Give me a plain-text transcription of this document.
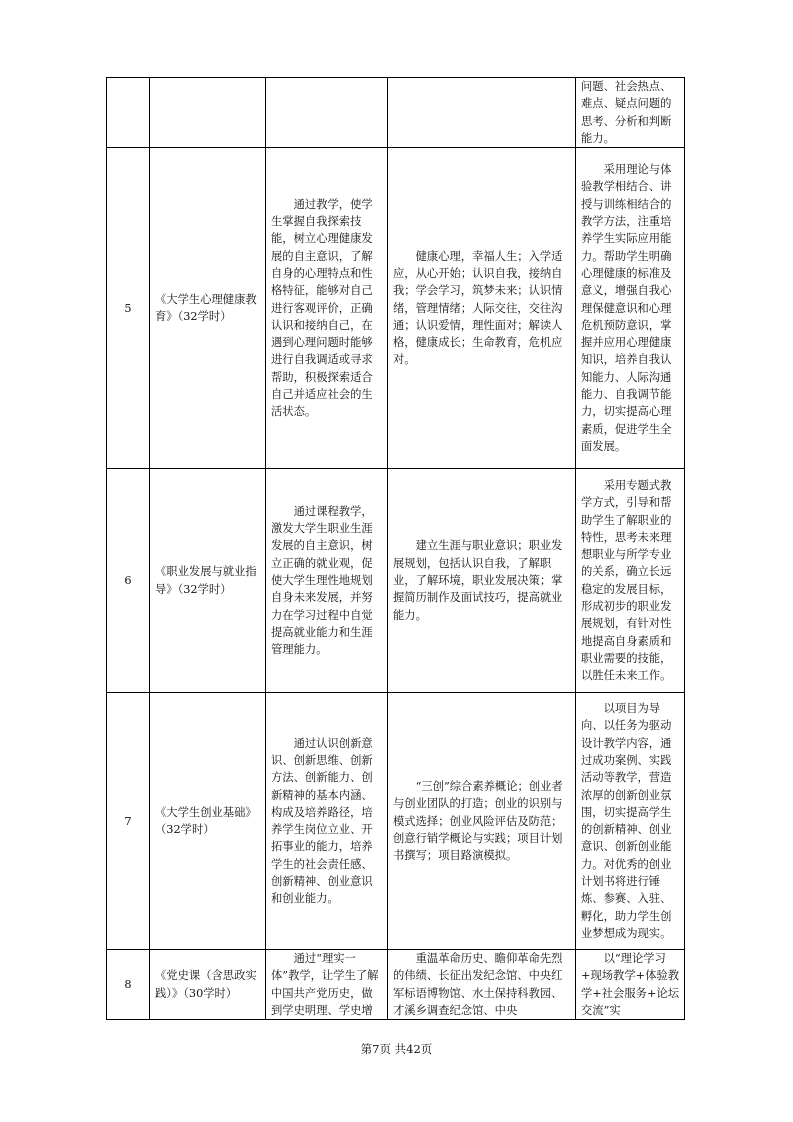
				问题、社会热点、难点、疑点问题的思考、分析和判断能力。
5	《大学生心理健康教育》（32学时）	通过教学，使学生掌握自我探索技能，树立心理健康发展的自主意识，了解自身的心理特点和性格特征，能够对自己进行客观评价，正确认识和接纳自己，在遇到心理问题时能够进行自我调适或寻求帮助，积极探索适合自己并适应社会的生活状态。	健康心理，幸福人生；入学适应，从心开始；认识自我，接纳自我；学会学习，筑梦未来；认识情绪，管理情绪；人际交往，交往沟通；认识爱情，理性面对；解读人格，健康成长；生命教育，危机应对。	采用理论与体验教学相结合、讲授与训练相结合的教学方法，注重培养学生实际应用能力。帮助学生明确心理健康的标准及意义，增强自我心理保健意识和心理危机预防意识，掌握并应用心理健康知识，培养自我认知能力、人际沟通能力、自我调节能力，切实提高心理素质，促进学生全面发展。

6	《职业发展与就业指导》（32学时）	通过课程教学，激发大学生职业生涯发展的自主意识，树立正确的就业观，促使大学生理性地规划自身未来发展，并努力在学习过程中自觉提高就业能力和生涯管理能力。	建立生涯与职业意识；职业发展规划，包括认识自我，了解职业，了解环境，职业发展决策；掌握简历制作及面试技巧，提高就业能力。	采用专题式教学方式，引导和帮助学生了解职业的特性，思考未来理想职业与所学专业的关系，确立长远稳定的发展目标，形成初步的职业发展规划，有针对性地提高自身素质和职业需要的技能，以胜任未来工作。

7	《大学生创业基础》（32学时）	通过认识创新意识、创新思维、创新方法、创新能力、创新精神的基本内涵、构成及培养路径，培养学生岗位立业、开拓事业的能力，培养学生的社会责任感、创新精神、创业意识和创业能力。	“三创”综合素养概论；创业者与创业团队的打造；创业的识别与模式选择；创业风险评估及防范；创意行销学概论与实践；项目计划书撰写；项目路演模拟。	以项目为导向、以任务为驱动设计教学内容，通过成功案例、实践活动等教学，营造浓厚的创新创业氛围，切实提高学生的创新精神、创业意识、创新创业能力。对优秀的创业计划书将进行锤炼、参赛、入驻、孵化，助力学生创业梦想成为现实。

8	《党史课（含思政实践）》（30学时）	通过“理实一体”教学，让学生了解中国共产党历史，做到学史明理、学史增	重温革命历史、瞻仰革命先烈的伟绩、长征出发纪念馆、中央红军标语博物馆、水土保持科教园、才溪乡调查纪念馆、中央	以“理论学习+现场教学+体验教学+社会服务+论坛交流”实
第7页 共42页
